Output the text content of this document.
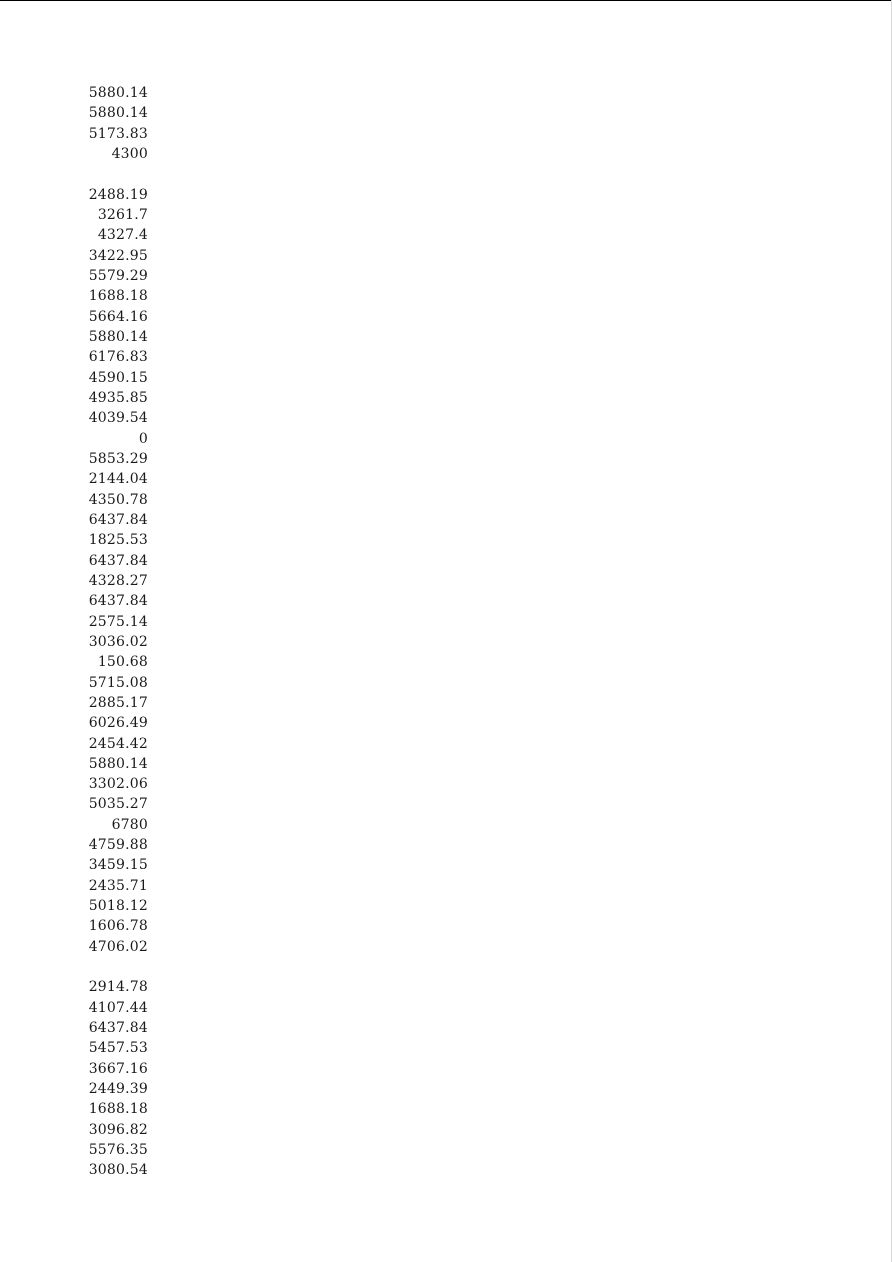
5880.14
5880.14
5173.83
4300
2488.19
3261.7
4327.4
3422.95
5579.29
1688.18
5664.16
5880.14
6176.83
4590.15
4935.85
4039.54
0
5853.29
2144.04
4350.78
6437.84
1825.53
6437.84
4328.27
6437.84
2575.14
3036.02
150.68
5715.08
2885.17
6026.49
2454.42
5880.14
3302.06
5035.27
6780
4759.88
3459.15
2435.71
5018.12
1606.78
4706.02
2914.78
4107.44
6437.84
5457.53
3667.16
2449.39
1688.18
3096.82
5576.35
3080.54
